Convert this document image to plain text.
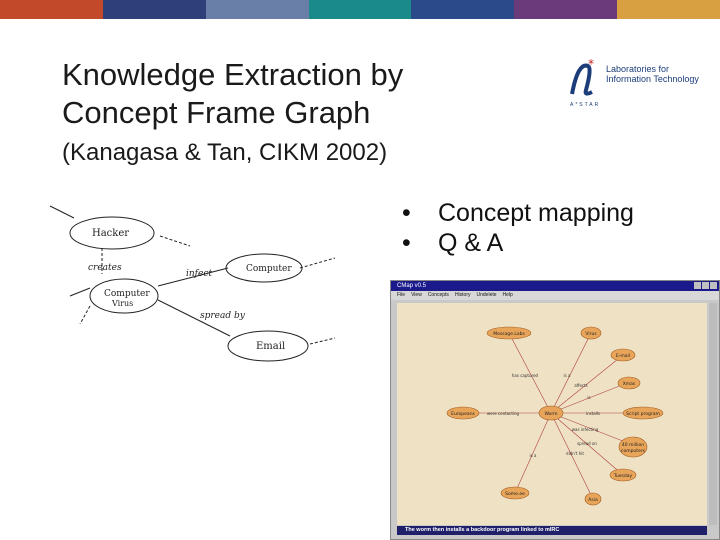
Knowledge Extraction by
Concept Frame Graph
(Kanagasa & Tan, CIKM 2002)
* Laboratories for
Information Technology
A*STAR
•	Concept mapping
•	Q & A
Hacker
Computer
Virus
Computer
Email
creates
infect
spread by
CMap v0.5
File View Concepts History Undelete Help
Message.Labs	Virus
E-mail
Xmas
Script program
Europeans	Worm
40 million
computers
Tuesday
Asia
Some.ee
has captured	is a
affects
is
installs
were contacting
was infecting
spread on
didn't hit
is a
The worm then installs a backdoor program linked to mIRC
